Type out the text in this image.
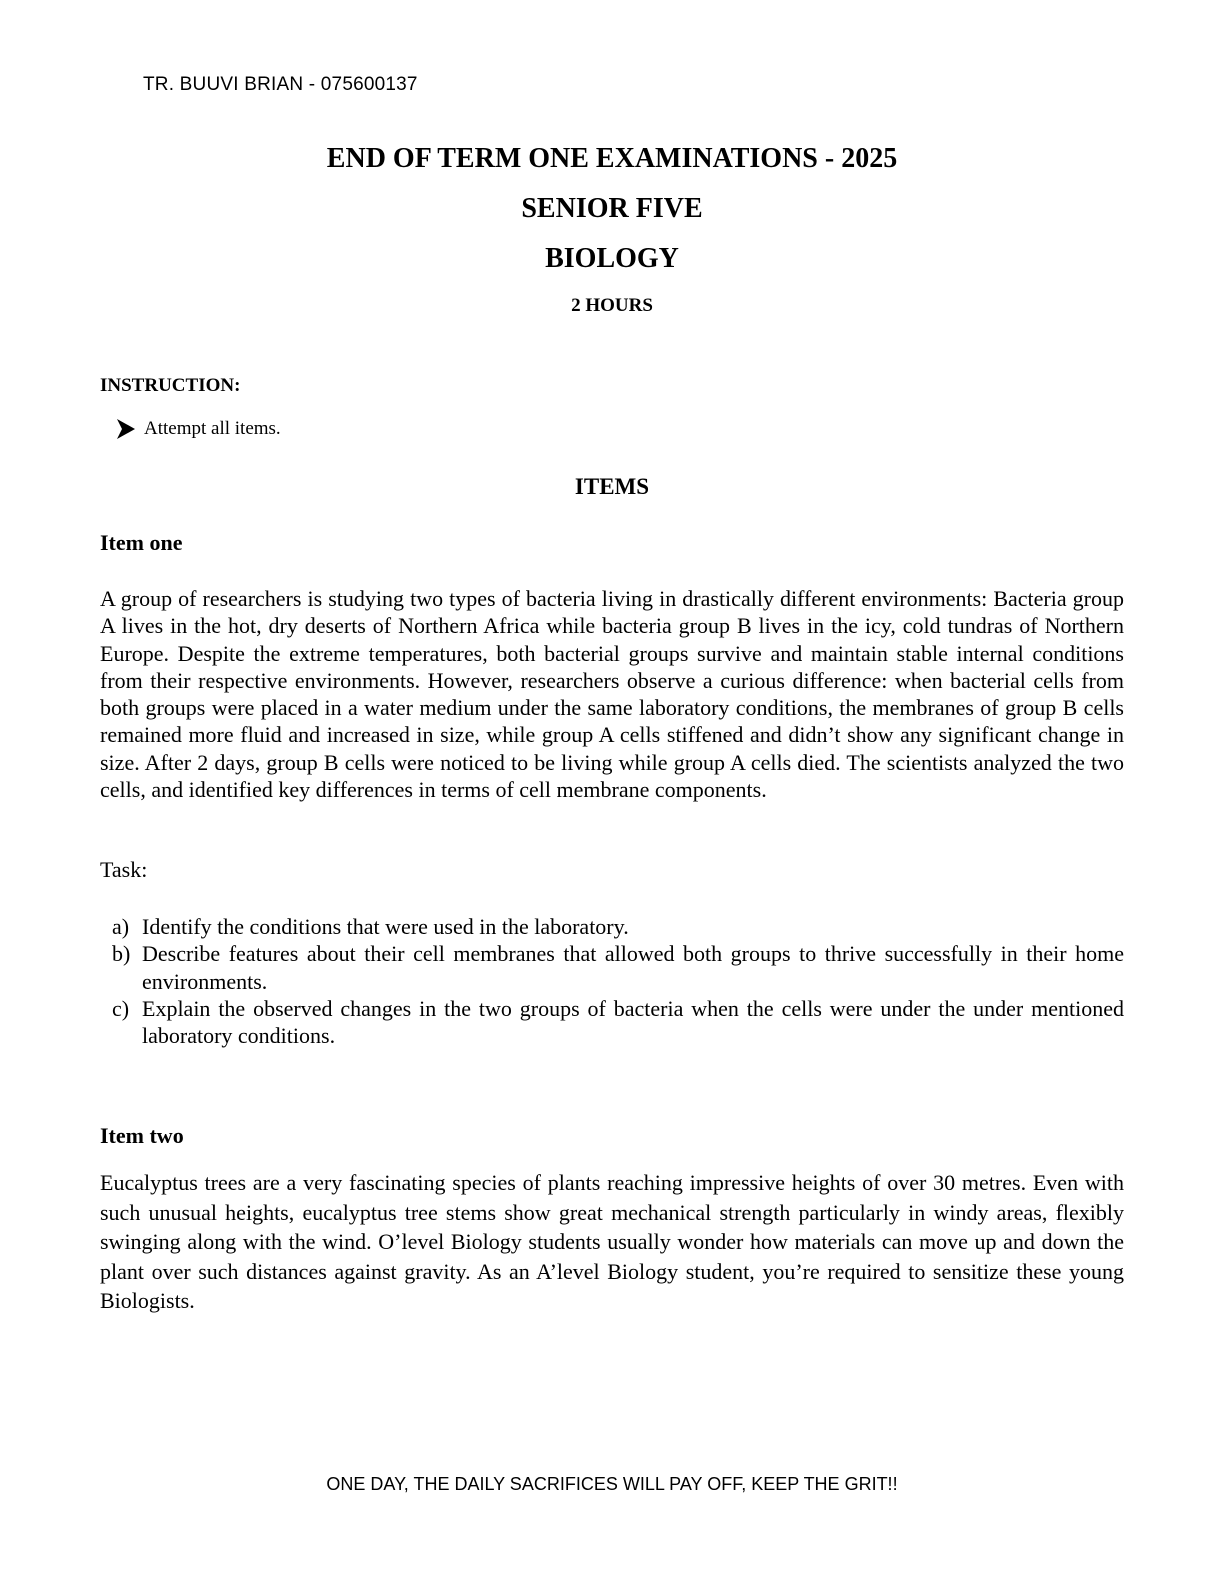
TR. BUUVI BRIAN - 075600137
END OF TERM ONE EXAMINATIONS - 2025
SENIOR FIVE
BIOLOGY
2 HOURS
INSTRUCTION:
Attempt all items.
ITEMS
Item one
A group of researchers is studying two types of bacteria living in drastically different environments: Bacteria group A lives in the hot, dry deserts of Northern Africa while bacteria group B lives in the icy, cold tundras of Northern Europe. Despite the extreme temperatures, both bacterial groups survive and maintain stable internal conditions from their respective environments. However, researchers observe a curious difference: when bacterial cells from both groups were placed in a water medium under the same laboratory conditions, the membranes of group B cells remained more fluid and increased in size, while group A cells stiffened and didn’t show any significant change in size. After 2 days, group B cells were noticed to be living while group A cells died. The scientists analyzed the two cells, and identified key differences in terms of cell membrane components.
Task:
a) Identify the conditions that were used in the laboratory.
b) Describe features about their cell membranes that allowed both groups to thrive successfully in their home environments.
c) Explain the observed changes in the two groups of bacteria when the cells were under the under mentioned laboratory conditions.
Item two
Eucalyptus trees are a very fascinating species of plants reaching impressive heights of over 30 metres. Even with such unusual heights, eucalyptus tree stems show great mechanical strength particularly in windy areas, flexibly swinging along with the wind. O’level Biology students usually wonder how materials can move up and down the plant over such distances against gravity. As an A’level Biology student, you’re required to sensitize these young Biologists.
ONE DAY, THE DAILY SACRIFICES WILL PAY OFF, KEEP THE GRIT!!
